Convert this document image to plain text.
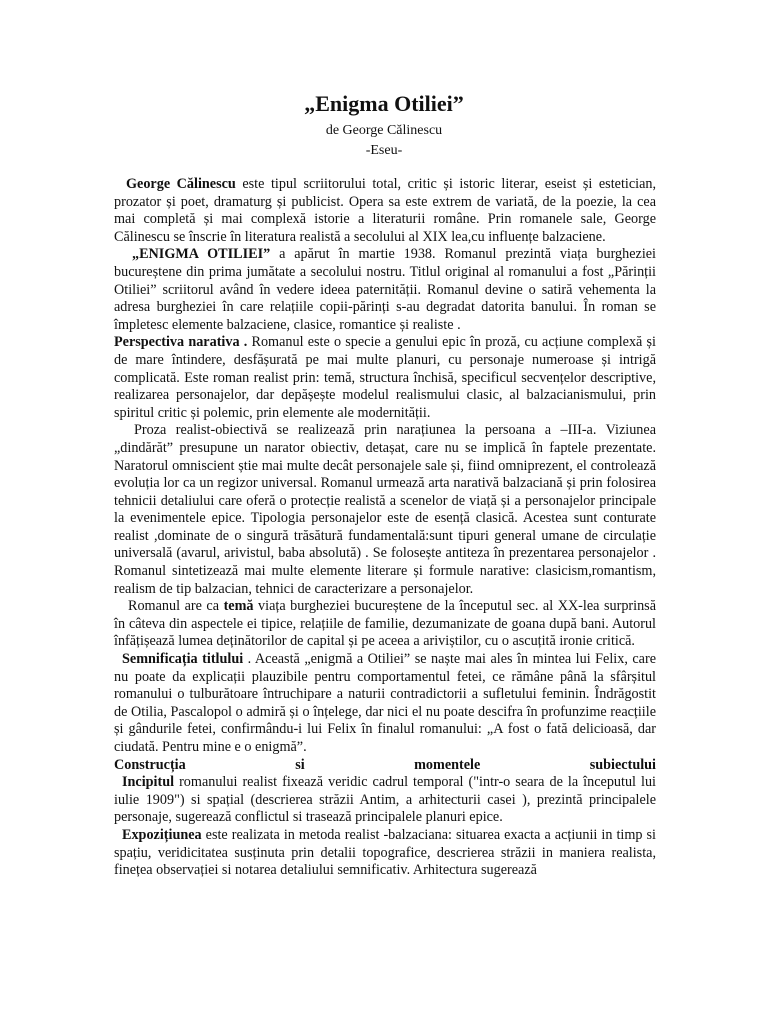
„Enigma Otiliei”
de George Călinescu
-Eseu-

George Călinescu este tipul scriitorului total, critic și istoric literar, eseist și estetician, prozator și poet, dramaturg și publicist. Opera sa este extrem de variată, de la poezie, la cea mai completă și mai complexă istorie a literaturii române. Prin romanele sale, George Călinescu se înscrie în literatura realistă a secolului al XIX lea,cu influențe balzaciene.

„ENIGMA OTILIEI” a apărut în martie 1938. Romanul prezintă viața burgheziei bucureștene din prima jumătate a secolului nostru. Titlul original al romanului a fost „Părinții Otiliei” scriitorul având în vedere ideea paternității. Romanul devine o satiră vehementa la adresa burgheziei în care relațiile copii-părinți s-au degradat datorita banului. În roman se împletesc elemente balzaciene, clasice, romantice și realiste .

Perspectiva narativa . Romanul este o specie a genului epic în proză, cu acțiune complexă și de mare întindere, desfășurată pe mai multe planuri, cu personaje numeroase și intrigă complicată. Este roman realist prin: temă, structura închisă, specificul secvențelor descriptive, realizarea personajelor, dar depășește modelul realismului clasic, al balzacianismului, prin spiritul critic și polemic, prin elemente ale modernității.

Proza realist-obiectivă se realizează prin narațiunea la persoana a –III-a. Viziunea „dindărăt” presupune un narator obiectiv, detașat, care nu se implică în faptele prezentate. Naratorul omniscient știe mai multe decât personajele sale și, fiind omniprezent, el controlează evoluția lor ca un regizor universal. Romanul urmează arta narativă balzaciană și prin folosirea tehnicii detaliului care oferă o protecție realistă a scenelor de viață și a personajelor principale la evenimentele epice. Tipologia personajelor este de esență clasică. Acestea sunt conturate realist ,dominate de o singură trăsătură fundamentală:sunt tipuri general umane de circulație universală (avarul, arivistul, baba absolută) . Se folosește antiteza în prezentarea personajelor . Romanul sintetizează mai multe elemente literare și formule narative: clasicism,romantism, realism de tip balzacian, tehnici de caracterizare a personajelor.

Romanul are ca temă viața burgheziei bucureștene de la începutul sec. al XX-lea surprinsă în câteva din aspectele ei tipice, relațiile de familie, dezumanizate de goana după bani. Autorul înfățișează lumea deținătorilor de capital și pe aceea a ariviștilor, cu o ascuțită ironie critică.

Semnificația titlului . Această „enigmă a Otiliei” se naște mai ales în mintea lui Felix, care nu poate da explicații plauzibile pentru comportamentul fetei, ce rămâne până la sfârșitul romanului o tulburătoare întruchipare a naturii contradictorii a sufletului feminin. Îndrăgostit de Otilia, Pascalopol o admiră și o înțelege, dar nici el nu poate descifra în profunzime reacțiile și gândurile fetei, confirmându-i lui Felix în finalul romanului: „A fost o fată delicioasă, dar ciudată. Pentru mine e o enigmă”.

Construcția	si	momentele	subiectului

Incipitul romanului realist fixează veridic cadrul temporal ("intr-o seara de la începutul lui iulie 1909") si spațial (descrierea străzii Antim, a arhitecturii casei ), prezintă principalele personaje, sugerează conflictul si trasează principalele planuri epice.

Expozițiunea este realizata in metoda realist -balzaciana: situarea exacta a acțiunii in timp si spațiu, veridicitatea susținuta prin detalii topografice, descrierea străzii in maniera realista, finețea observației si notarea detaliului semnificativ. Arhitectura sugerează
